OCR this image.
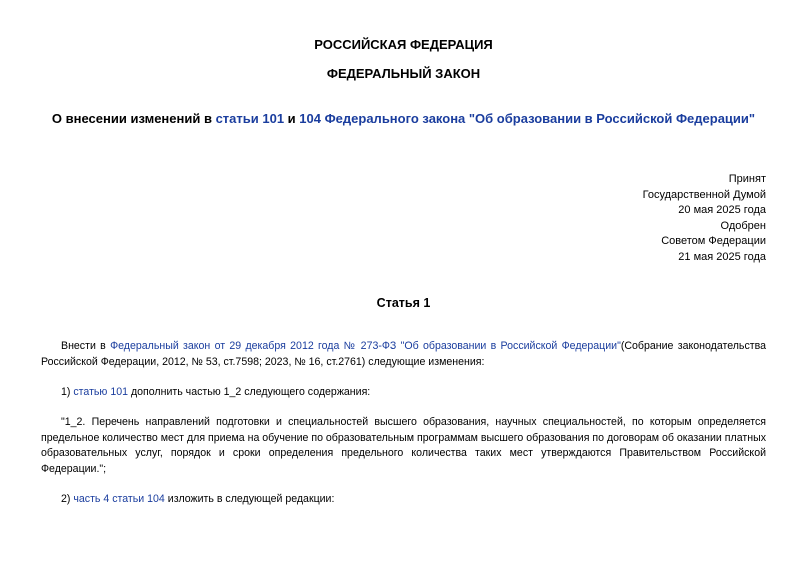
РОССИЙСКАЯ ФЕДЕРАЦИЯ
ФЕДЕРАЛЬНЫЙ ЗАКОН
О внесении изменений в статьи 101 и 104 Федерального закона "Об образовании в Российской Федерации"
Принят
Государственной Думой
20 мая 2025 года
Одобрен
Советом Федерации
21 мая 2025 года
Статья 1

Внести в Федеральный закон от 29 декабря 2012 года № 273-ФЗ "Об образовании в Российской Федерации"(Собрание законодательства Российской Федерации, 2012, № 53, ст.7598; 2023, № 16, ст.2761) следующие изменения:

1) статью 101 дополнить частью 1_2 следующего содержания:

"1_2. Перечень направлений подготовки и специальностей высшего образования, научных специальностей, по которым определяется предельное количество мест для приема на обучение по образовательным программам высшего образования по договорам об оказании платных образовательных услуг, порядок и сроки определения предельного количества таких мест утверждаются Правительством Российской Федерации.";

2) часть 4 статьи 104 изложить в следующей редакции:
